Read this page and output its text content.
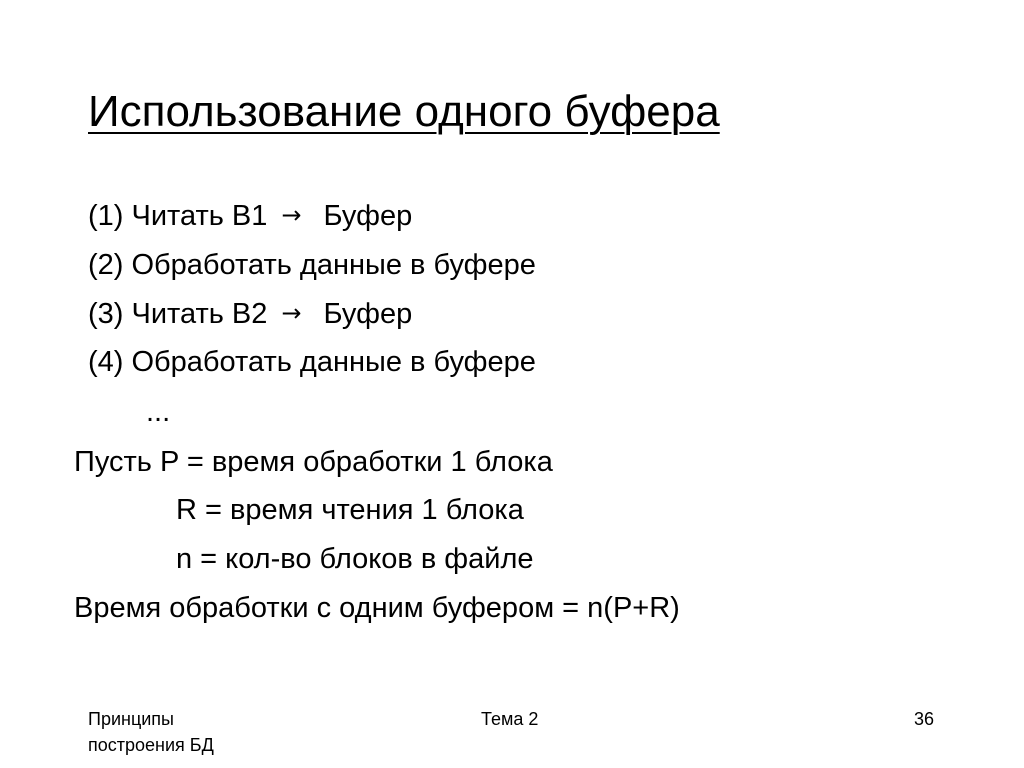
Использование одного буфера
(1) Читать B1 → Буфер
(2) Обработать данные в буфере
(3) Читать B2 → Буфер
(4) Обработать данные в буфере
...
Пусть P = время обработки 1 блока
R = время чтения 1 блока
n = кол-во блоков в файле
Время обработки с одним буфером = n(P+R)
Принципы
построения БД
Тема 2	36
